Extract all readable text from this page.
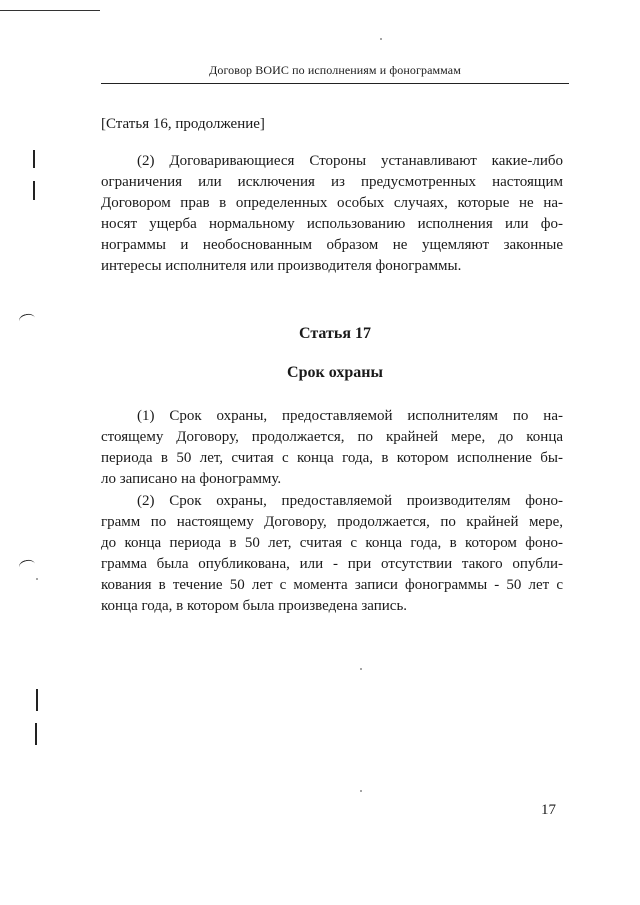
Договор ВОИС по исполнениям и фонограммам
[Статья 16, продолжение]
(2) Договаривающиеся Стороны устанавливают какие-либо
ограничения или исключения из предусмотренных настоящим
Договором прав в определенных особых случаях, которые не на-
носят ущерба нормальному использованию исполнения или фо-
нограммы и необоснованным образом не ущемляют законные
интересы исполнителя или производителя фонограммы.
Статья 17
Срок охраны
(1) Срок охраны, предоставляемой исполнителям по на-
стоящему Договору, продолжается, по крайней мере, до конца
периода в 50 лет, считая с конца года, в котором исполнение бы-
ло записано на фонограмму.
(2) Срок охраны, предоставляемой производителям фоно-
грамм по настоящему Договору, продолжается, по крайней мере,
до конца периода в 50 лет, считая с конца года, в котором фоно-
грамма была опубликована, или - при отсутствии такого опубли-
кования в течение 50 лет с момента записи фонограммы - 50 лет с
конца года, в котором была произведена запись.
17
